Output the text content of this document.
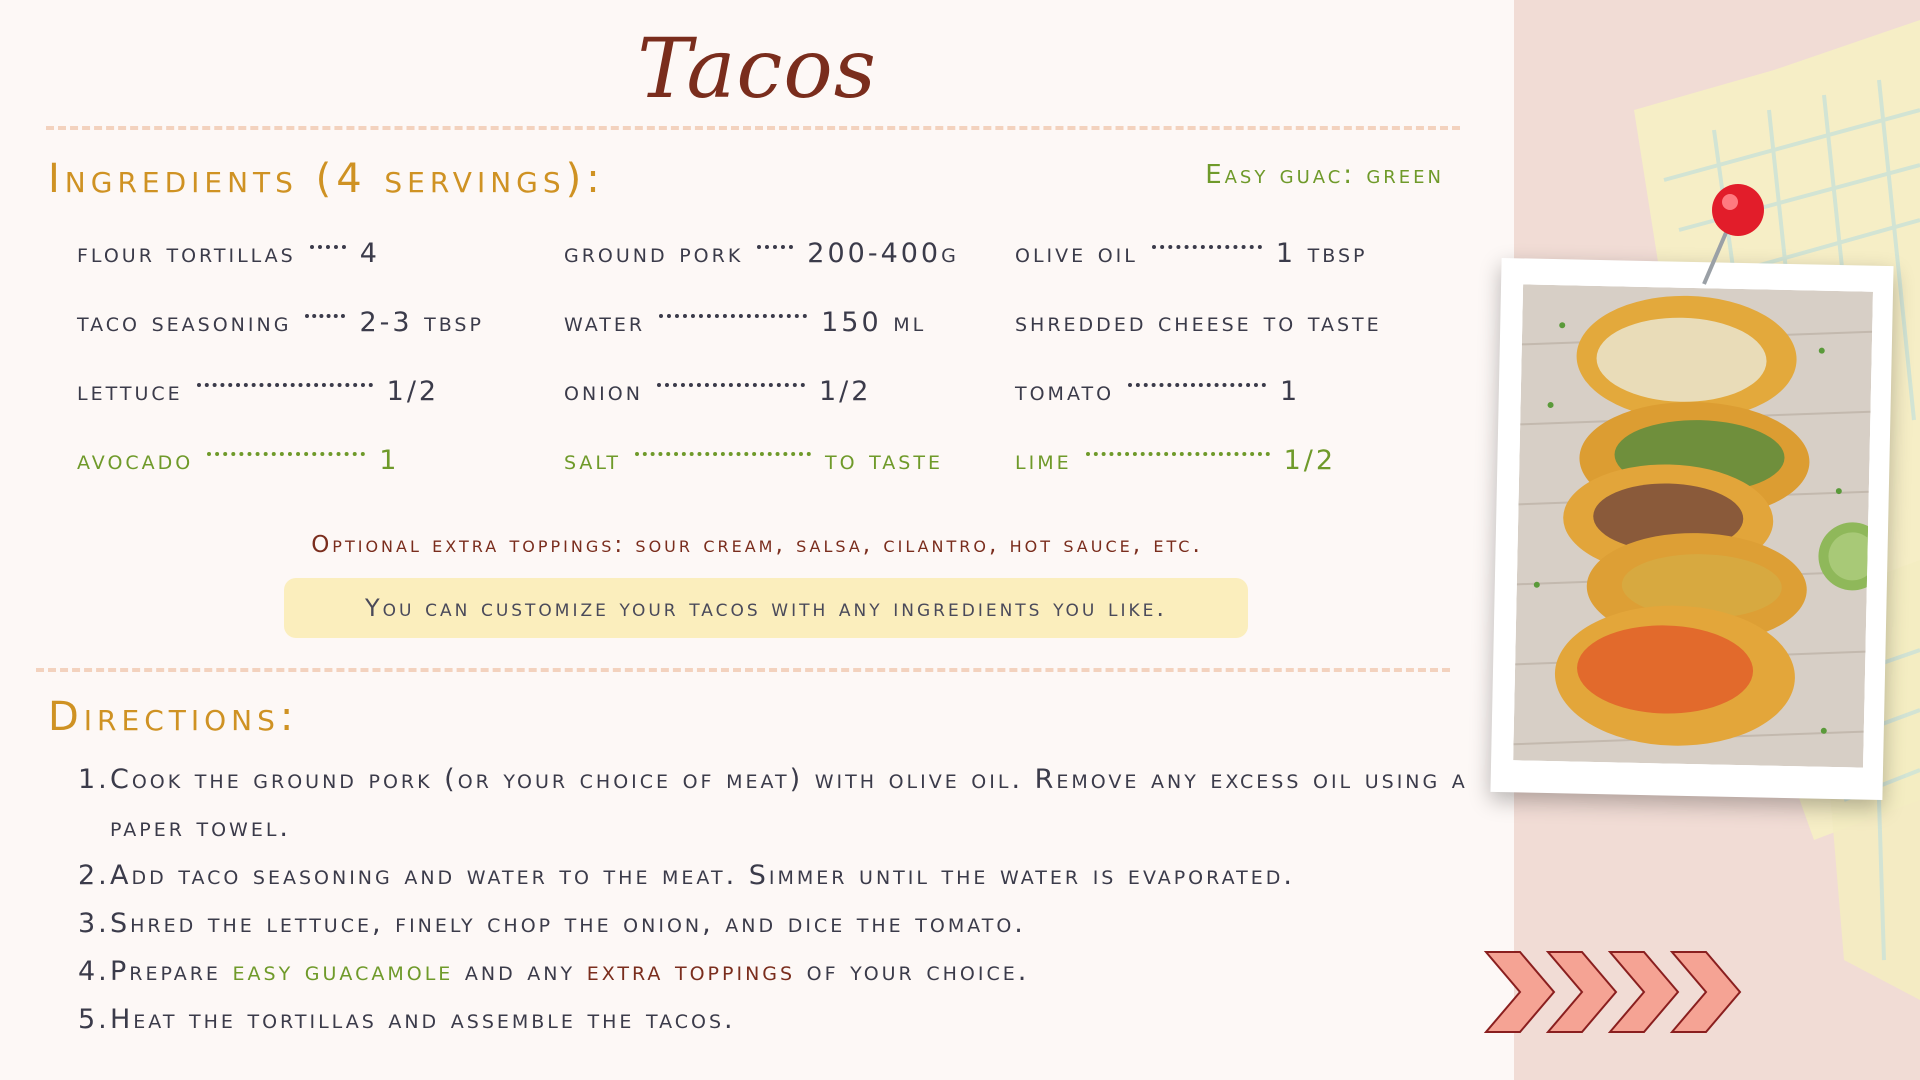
Tacos
Ingredients (4 servings):	Easy guac: green
flour tortillas 4	ground pork 200-400g olive oil	1 tbsp
taco seasoning	2-3 tbsp	water	150 ml	shredded cheese to taste
lettuce	1/2	onion	1/2	tomato	1
avocado	1	salt	to taste	lime	1/2
Optional extra toppings: sour cream, salsa, cilantro, hot sauce, etc.
You can customize your tacos with any ingredients you like.
Directions:
1. Cook the ground pork (or your choice of meat) with olive oil. Remove any excess oil using a paper towel.
2. Add taco seasoning and water to the meat. Simmer until the water is evaporated.
3. Shred the lettuce, finely chop the onion, and dice the tomato.
4. Prepare easy guacamole and any extra toppings of your choice.
5. Heat the tortillas and assemble the tacos.
